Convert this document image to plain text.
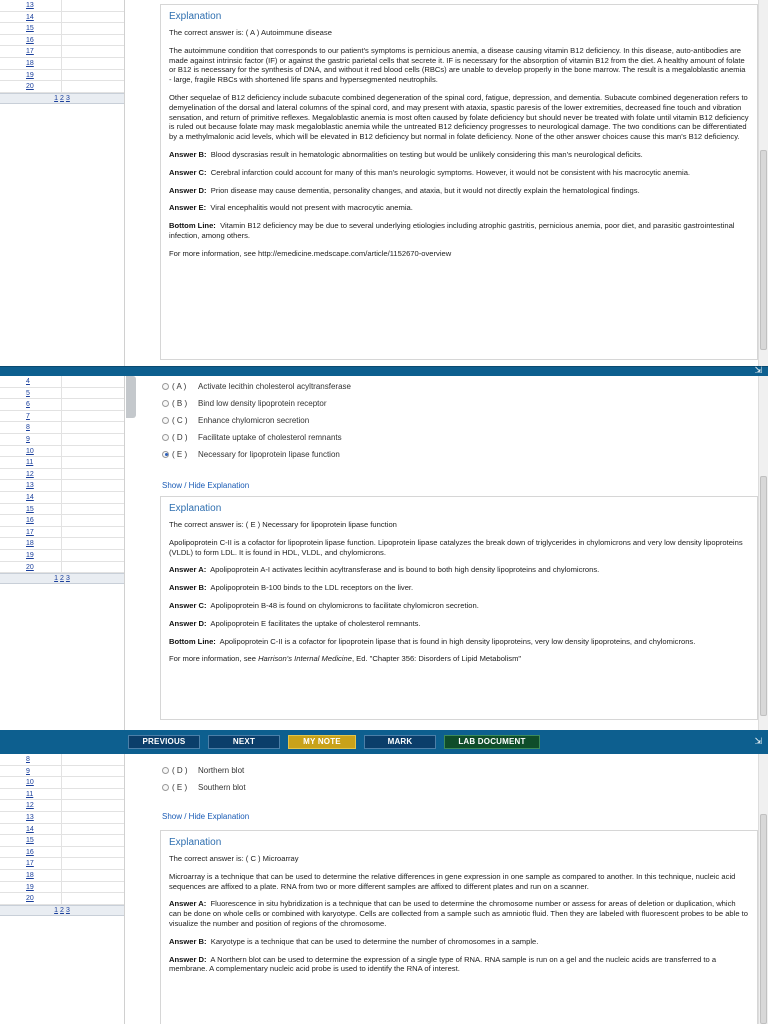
13
14
15
16
17
18
19
20
1 2 3
Explanation

The correct answer is: ( A ) Autoimmune disease

The autoimmune condition that corresponds to our patient's symptoms is pernicious anemia, a disease causing vitamin B12 deficiency. In this disease, auto-antibodies are made against intrinsic factor (IF) or against the gastric parietal cells that secrete it. IF is necessary for the absorption of vitamin B12 from the diet. A healthy amount of folate or B12 is necessary for the synthesis of DNA, and without it red blood cells (RBCs) are unable to develop properly in the bone marrow. The result is a megaloblastic anemia - large, fragile RBCs with shortened life spans and hypersegmented neutrophils.

Other sequelae of B12 deficiency include subacute combined degeneration of the spinal cord, fatigue, depression, and dementia. Subacute combined degeneration refers to demyelination of the dorsal and lateral columns of the spinal cord, and may present with ataxia, spastic paresis of the lower extremities, decreased fine touch and vibration sensation, and return of primitive reflexes. Megaloblastic anemia is most often caused by folate deficiency but should never be treated with folate until vitamin B12 deficiency is ruled out because folate may mask megaloblastic anemia while the untreated B12 deficiency progresses to neurological damage. The two conditions can be differentiated by a methylmalonic acid levels, which will be elevated in B12 deficiency but normal in folate deficiency. None of the other answer choices cause this man's B12 deficiency.

Answer B: Blood dyscrasias result in hematologic abnormalities on testing but would be unlikely considering this man's neurological deficits.

Answer C: Cerebral infarction could account for many of this man's neurologic symptoms. However, it would not be consistent with his macrocytic anemia.

Answer D: Prion disease may cause dementia, personality changes, and ataxia, but it would not directly explain the hematological findings.

Answer E: Viral encephalitis would not present with macrocytic anemia.

Bottom Line: Vitamin B12 deficiency may be due to several underlying etiologies including atrophic gastritis, pernicious anemia, poor diet, and parasitic gastrointestinal infection, among others.

For more information, see http://emedicine.medscape.com/article/1152670-overview

⇲
4
5
6
7
8
9
10
11
12
13
14
15
16
17
18
19
20
1 2 3
( A )	Activate lecithin cholesterol acyltransferase
( B )	Bind low density lipoprotein receptor
( C )	Enhance chylomicron secretion
( D )	Facilitate uptake of cholesterol remnants
( E )	Necessary for lipoprotein lipase function
Show / Hide Explanation
Explanation

The correct answer is: ( E ) Necessary for lipoprotein lipase function

Apolipoprotein C-II is a cofactor for lipoprotein lipase function. Lipoprotein lipase catalyzes the break down of triglycerides in chylomicrons and very low density lipoproteins (VLDL) to form LDL. It is found in HDL, VLDL, and chylomicrons.

Answer A: Apolipoprotein A-I activates lecithin acyltransferase and is bound to both high density lipoproteins and chylomicrons.

Answer B: Apolipoprotein B-100 binds to the LDL receptors on the liver.

Answer C: Apolipoprotein B-48 is found on chylomicrons to facilitate chylomicron secretion.

Answer D: Apolipoprotein E facilitates the uptake of cholesterol remnants.

Bottom Line: Apolipoprotein C-II is a cofactor for lipoprotein lipase that is found in high density lipoproteins, very low density lipoproteins, and chylomicrons.

For more information, see Harrison's Internal Medicine, Ed. "Chapter 356: Disorders of Lipid Metabolism"

PREVIOUS	NEXT	MY NOTE	MARK	LAB DOCUMENT	⇲
8
9
10
11
12
13
14
15
16
17
18
19
20
1 2 3
( D )	Northern blot
( E )	Southern blot
Show / Hide Explanation
Explanation

The correct answer is: ( C ) Microarray

Microarray is a technique that can be used to determine the relative differences in gene expression in one sample as compared to another. In this technique, nucleic acid sequences are affixed to a plate. RNA from two or more different samples are affixed to different plates and run on a scanner.

Answer A: Fluorescence in situ hybridization is a technique that can be used to determine the chromosome number or assess for areas of deletion or duplication, which can be done on whole cells or combined with karyotype. Cells are collected from a sample such as amniotic fluid. Then they are labeled with fluorescent probes to be able to visualize the number and position of regions of the chromosome.

Answer B: Karyotype is a technique that can be used to determine the number of chromosomes in a sample.

Answer D: A Northern blot can be used to determine the expression of a single type of RNA. RNA sample is run on a gel and the nucleic acids are transferred to a membrane. A complementary nucleic acid probe is used to identify the RNA of interest.
